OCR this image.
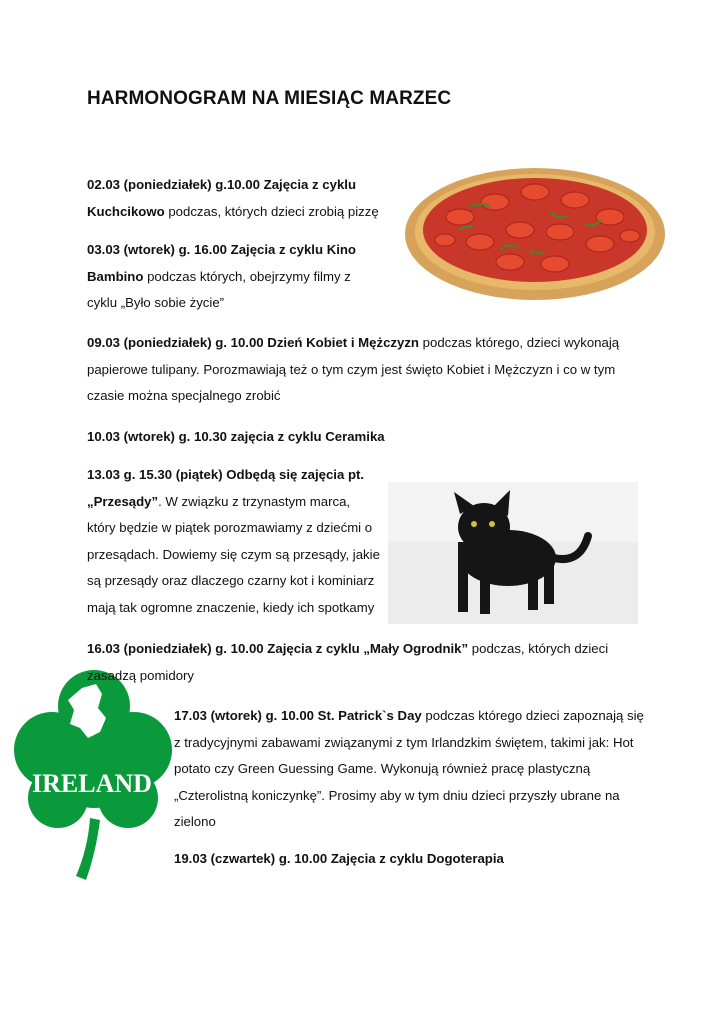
HARMONOGRAM NA MIESIĄC MARZEC
IRELAND
02.03 (poniedziałek) g.10.00 Zajęcia z cyklu Kuchcikowo podczas, których dzieci zrobią pizzę
03.03 (wtorek) g. 16.00 Zajęcia z cyklu Kino Bambino podczas których, obejrzymy filmy z cyklu „Było sobie życie”
09.03 (poniedziałek) g. 10.00 Dzień Kobiet i Mężczyzn podczas którego, dzieci wykonają papierowe tulipany. Porozmawiają też o tym czym jest święto Kobiet i Mężczyzn i co w tym czasie można specjalnego zrobić
10.03 (wtorek) g. 10.30 zajęcia z cyklu Ceramika
13.03 g. 15.30 (piątek) Odbędą się zajęcia pt. „Przesądy”. W związku z trzynastym marca, który będzie w piątek porozmawiamy z dziećmi o przesądach. Dowiemy się czym są przesądy, jakie są przesądy oraz dlaczego czarny kot i kominiarz mają tak ogromne znaczenie, kiedy ich spotkamy
16.03 (poniedziałek) g. 10.00 Zajęcia z cyklu „Mały Ogrodnik” podczas, których dzieci zasadzą pomidory
17.03 (wtorek) g. 10.00 St. Patrick`s Day podczas którego dzieci zapoznają się z tradycyjnymi zabawami związanymi z tym Irlandzkim świętem, takimi jak: Hot potato czy Green Guessing Game. Wykonują również pracę plastyczną „Czterolistną koniczynkę”. Prosimy aby w tym dniu dzieci przyszły ubrane na zielono
19.03 (czwartek) g. 10.00 Zajęcia z cyklu Dogoterapia
